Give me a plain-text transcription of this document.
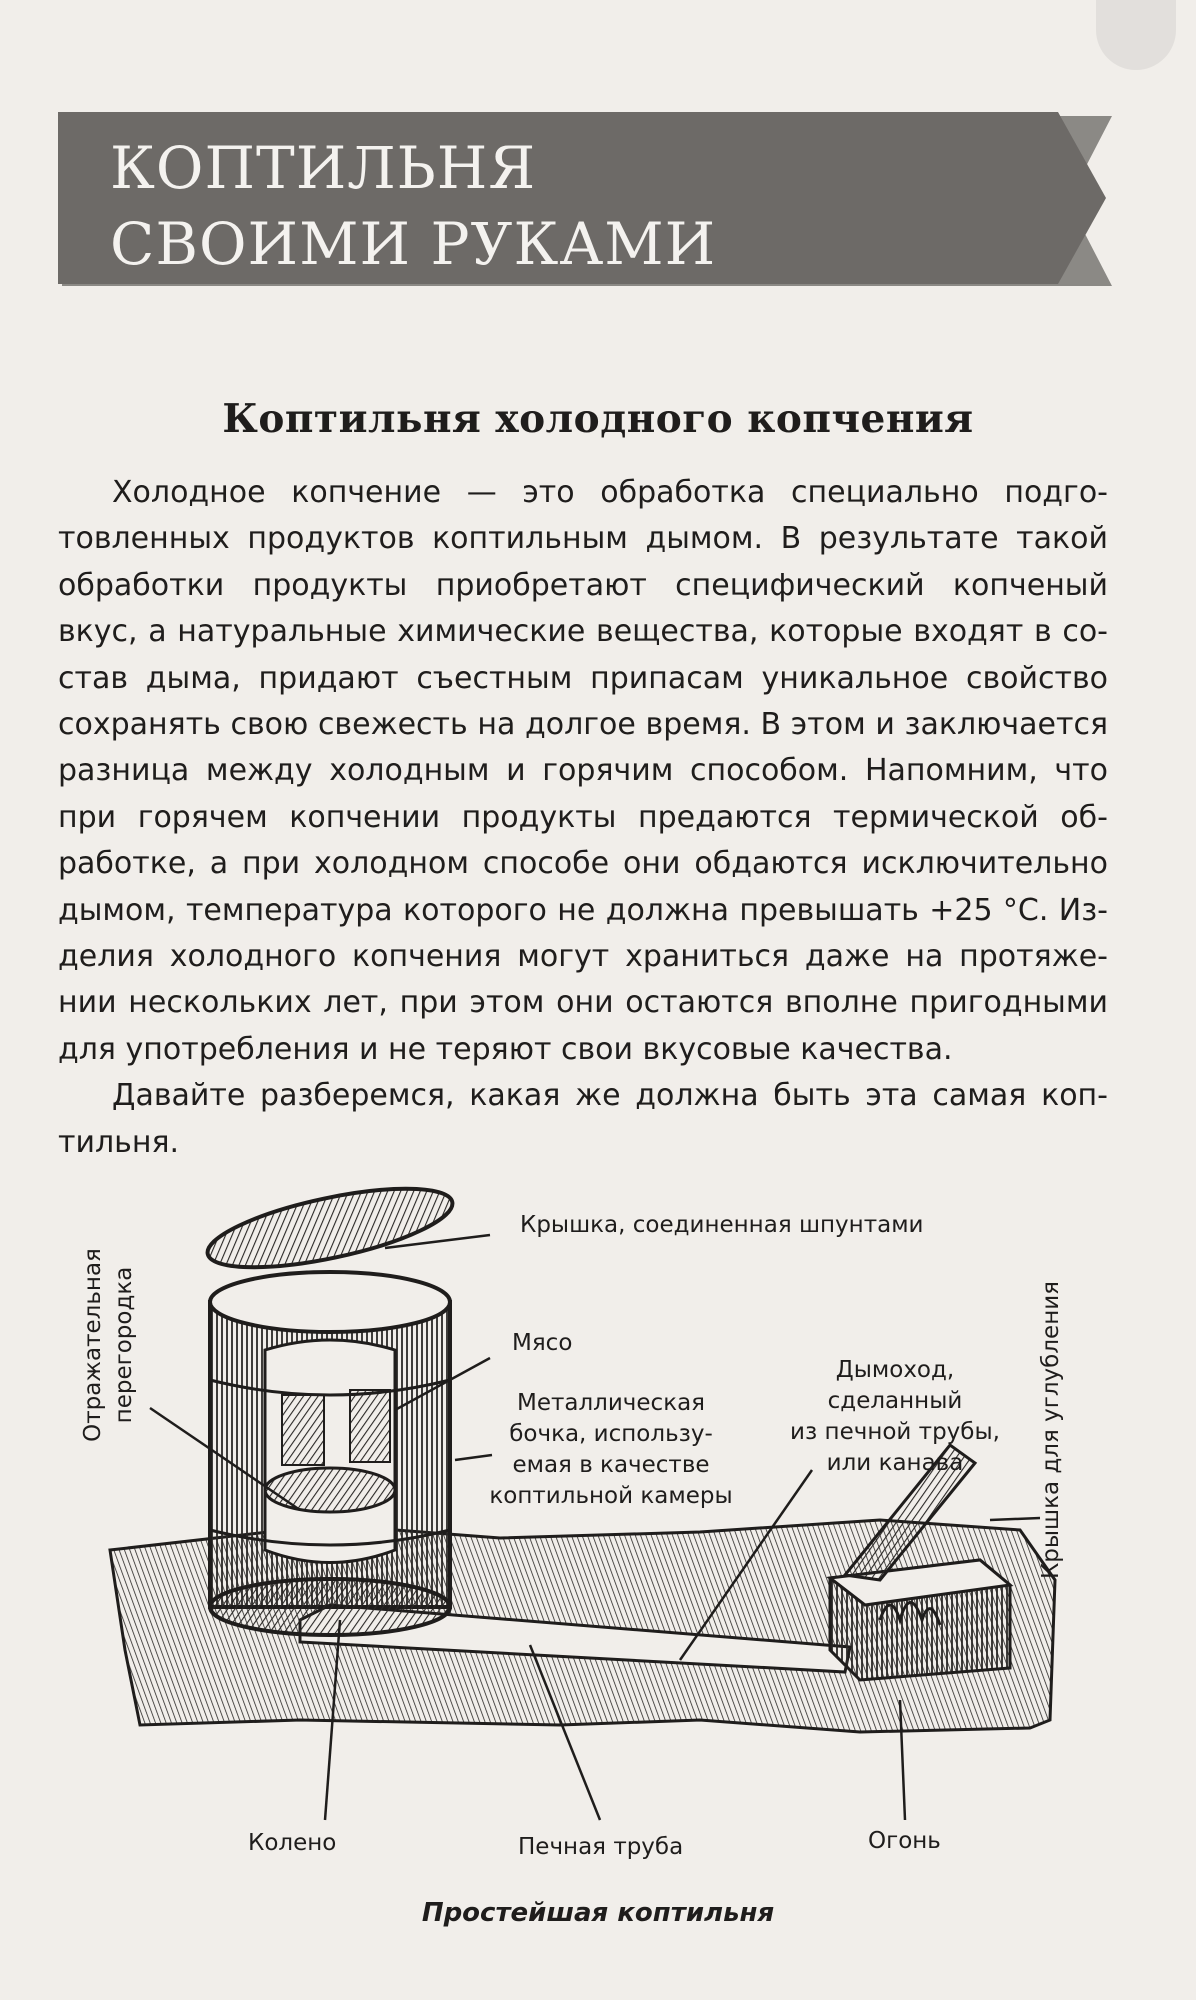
КОПТИЛЬНЯ
СВОИМИ РУКАМИ
Коптильня холодного копчения
Холодное копчение — это обработка специально подго-
товленных продуктов коптильным дымом. В результате такой
обработки продукты приобретают специфический копченый
вкус, а натуральные химические вещества, которые входят в со-
став дыма, придают съестным припасам уникальное свойство
сохранять свою свежесть на долгое время. В этом и заключается
разница между холодным и горячим способом. Напомним, что
при горячем копчении продукты предаются термической об-
работке, а при холодном способе они обдаются исключительно
дымом, температура которого не должна превышать +25 °С. Из-
делия холодного копчения могут храниться даже на протяже-
нии нескольких лет, при этом они остаются вполне пригодными
для употребления и не теряют свои вкусовые качества.
Давайте разберемся, какая же должна быть эта самая коп-
тильня.
Крышка, соединенная шпунтами
Мясо
Металлическая
бочка, использу-
емая в качестве
коптильной камеры
Дымоход,
сделанный
из печной трубы,
или канава
Отражательная перегородка	Крышка для углубления
Колено	Печная труба	Огонь
Простейшая коптильня
